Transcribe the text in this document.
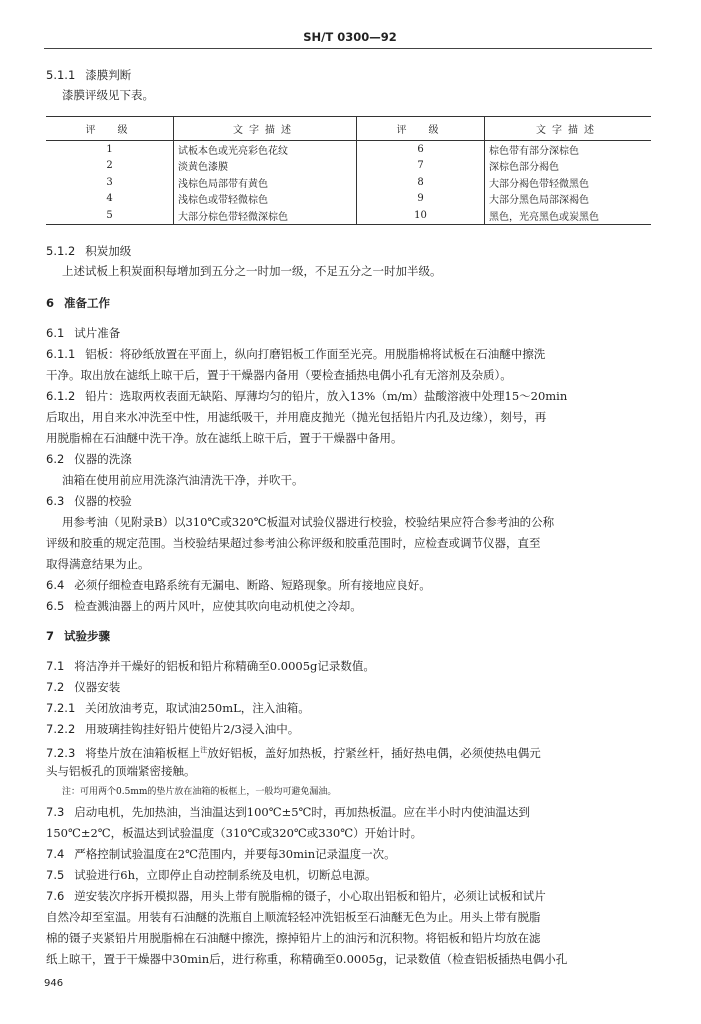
SH/T 0300—92
5.1.1 漆膜判断
漆膜评级见下表。
评　级	文字描述	评　级	文字描述
1	试板本色或光亮彩色花纹	6	棕色带有部分深棕色
2	淡黄色漆膜	7	深棕色部分褐色
3	浅棕色局部带有黄色	8	大部分褐色带轻微黑色
4	浅棕色或带轻微棕色	9	大部分黑色局部深褐色
5	大部分棕色带轻微深棕色	10	黑色，光亮黑色或炭黑色
5.1.2 积炭加级
上述试板上积炭面积每增加到五分之一时加一级，不足五分之一时加半级。
6 准备工作
6.1 试片准备
6.1.1 铝板：将砂纸放置在平面上，纵向打磨铝板工作面至光亮。用脱脂棉将试板在石油醚中擦洗
干净。取出放在滤纸上晾干后，置于干燥器内备用（要检查插热电偶小孔有无溶剂及杂质）。
6.1.2 铅片：选取两枚表面无缺陷、厚薄均匀的铅片，放入13%（m/m）盐酸溶液中处理15～20min
后取出，用自来水冲洗至中性，用滤纸吸干，并用鹿皮抛光（抛光包括铅片内孔及边缘），刻号，再
用脱脂棉在石油醚中洗干净。放在滤纸上晾干后，置于干燥器中备用。
6.2 仪器的洗涤
油箱在使用前应用洗涤汽油清洗干净，并吹干。
6.3 仪器的校验
用参考油（见附录B）以310℃或320℃板温对试验仪器进行校验，校验结果应符合参考油的公称
评级和胶重的规定范围。当校验结果超过参考油公称评级和胶重范围时，应检查或调节仪器，直至
取得满意结果为止。
6.4 必须仔细检查电路系统有无漏电、断路、短路现象。所有接地应良好。
6.5 检查溅油器上的两片风叶，应使其吹向电动机使之冷却。
7 试验步骤
7.1 将洁净并干燥好的铝板和铅片称精确至0.0005g记录数值。
7.2 仪器安装
7.2.1 关闭放油考克，取试油250mL，注入油箱。
7.2.2 用玻璃挂钩挂好铅片使铅片2/3浸入油中。
7.2.3 将垫片放在油箱板框上$^注$放好铝板，盖好加热板，拧紧丝杆，插好热电偶，必须使热电偶元
头与铝板孔的顶端紧密接触。
注：可用两个0.5mm的垫片放在油箱的板框上，一般均可避免漏油。
7.3 启动电机，先加热油，当油温达到100℃±5℃时，再加热板温。应在半小时内使油温达到
150℃±2℃，板温达到试验温度（310℃或320℃或330℃）开始计时。
7.4 严格控制试验温度在2℃范围内，并要每30min记录温度一次。
7.5 试验进行6h，立即停止自动控制系统及电机，切断总电源。
7.6 逆安装次序拆开模拟器，用头上带有脱脂棉的镊子，小心取出铝板和铅片，必须让试板和试片
自然冷却至室温。用装有石油醚的洗瓶自上顺流轻轻冲洗铝板至石油醚无色为止。用头上带有脱脂
棉的镊子夹紧铅片用脱脂棉在石油醚中擦洗，擦掉铅片上的油污和沉积物。将铝板和铅片均放在滤
纸上晾干，置于干燥器中30min后，进行称重，称精确至0.0005g，记录数值（检查铝板插热电偶小孔
946
